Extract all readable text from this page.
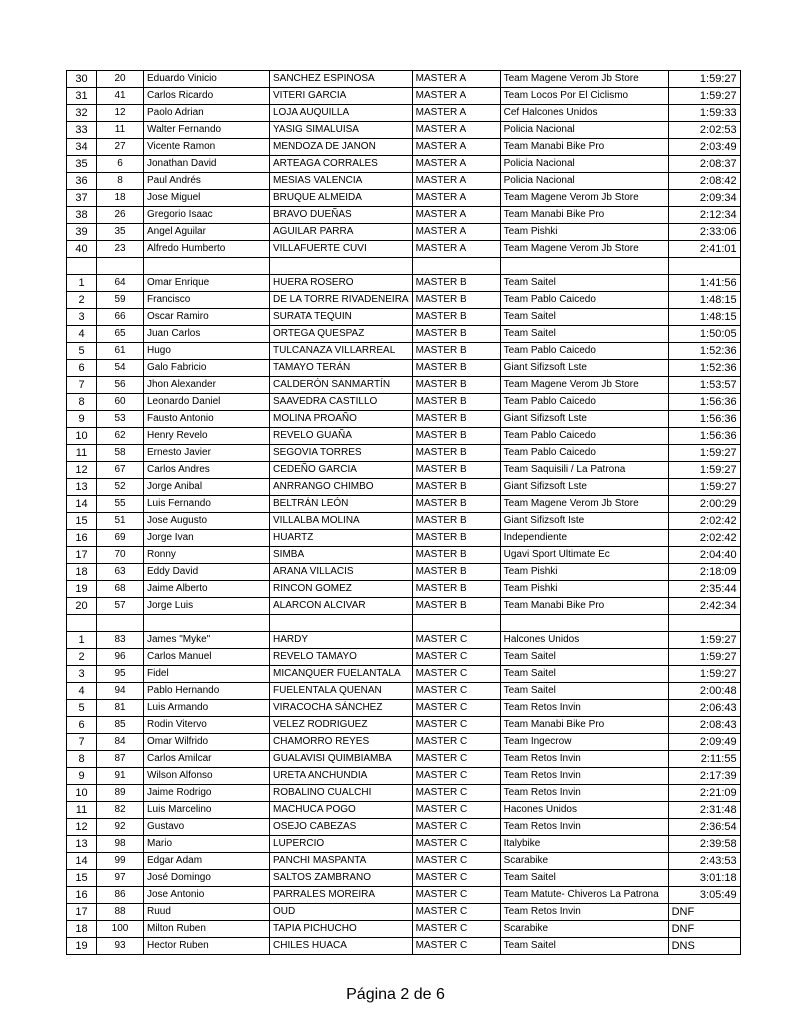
30	20	Eduardo Vinicio	SANCHEZ ESPINOSA	MASTER A	Team Magene Verom Jb Store	1:59:27
31	41	Carlos Ricardo	VITERI GARCIA	MASTER A	Team Locos Por El Ciclismo	1:59:27
32	12	Paolo Adrian	LOJA AUQUILLA	MASTER A	Cef Halcones Unidos	1:59:33
33	11	Walter Fernando	YASIG SIMALUISA	MASTER A	Policia Nacional	2:02:53
34	27	Vicente Ramon	MENDOZA DE JANON	MASTER A	Team Manabi Bike Pro	2:03:49
35	6	Jonathan David	ARTEAGA CORRALES	MASTER A	Policia Nacional	2:08:37
36	8	Paul Andrés	MESIAS VALENCIA	MASTER A	Policia Nacional	2:08:42
37	18	Jose Miguel	BRUQUE ALMEIDA	MASTER A	Team Magene Verom Jb Store	2:09:34
38	26	Gregorio Isaac	BRAVO DUEÑAS	MASTER A	Team Manabi Bike Pro	2:12:34
39	35	Angel Aguilar	AGUILAR PARRA	MASTER A	Team Pishki	2:33:06
40	23	Alfredo Humberto	VILLAFUERTE CUVI	MASTER A	Team Magene Verom Jb Store	2:41:01

1	64	Omar Enrique	HUERA ROSERO	MASTER B	Team Saitel	1:41:56
2	59	Francisco	DE LA TORRE RIVADENEIRA	MASTER B	Team Pablo Caicedo	1:48:15
3	66	Oscar Ramiro	SURATA TEQUIN	MASTER B	Team Saitel	1:48:15
4	65	Juan Carlos	ORTEGA QUESPAZ	MASTER B	Team Saitel	1:50:05
5	61	Hugo	TULCANAZA VILLARREAL	MASTER B	Team Pablo Caicedo	1:52:36
6	54	Galo Fabricio	TAMAYO TERÁN	MASTER B	Giant Sifizsoft Lste	1:52:36
7	56	Jhon Alexander	CALDERÓN SANMARTÍN	MASTER B	Team Magene Verom Jb Store	1:53:57
8	60	Leonardo Daniel	SAAVEDRA CASTILLO	MASTER B	Team Pablo Caicedo	1:56:36
9	53	Fausto Antonio	MOLINA PROAÑO	MASTER B	Giant Sifizsoft Lste	1:56:36
10	62	Henry Revelo	REVELO GUAÑA	MASTER B	Team Pablo Caicedo	1:56:36
11	58	Ernesto Javier	SEGOVIA TORRES	MASTER B	Team Pablo Caicedo	1:59:27
12	67	Carlos Andres	CEDEÑO GARCIA	MASTER B	Team Saquisili / La Patrona	1:59:27
13	52	Jorge Anibal	ANRRANGO CHIMBO	MASTER B	Giant Sifizsoft Lste	1:59:27
14	55	Luis Fernando	BELTRÁN LEÓN	MASTER B	Team Magene Verom Jb Store	2:00:29
15	51	Jose Augusto	VILLALBA MOLINA	MASTER B	Giant Sifizsoft Iste	2:02:42
16	69	Jorge Ivan	HUARTZ	MASTER B	Independiente	2:02:42
17	70	Ronny	SIMBA	MASTER B	Ugavi Sport Ultimate Ec	2:04:40
18	63	Eddy David	ARANA VILLACIS	MASTER B	Team Pishki	2:18:09
19	68	Jaime Alberto	RINCON GOMEZ	MASTER B	Team Pishki	2:35:44
20	57	Jorge Luis	ALARCON ALCIVAR	MASTER B	Team Manabi Bike Pro	2:42:34

1	83	James "Myke"	HARDY	MASTER C	Halcones Unidos	1:59:27
2	96	Carlos Manuel	REVELO TAMAYO	MASTER C	Team Saitel	1:59:27
3	95	Fidel	MICANQUER FUELANTALA	MASTER C	Team Saitel	1:59:27
4	94	Pablo Hernando	FUELENTALA QUENAN	MASTER C	Team Saitel	2:00:48
5	81	Luis Armando	VIRACOCHA SÁNCHEZ	MASTER C	Team Retos Invin	2:06:43
6	85	Rodin Vitervo	VELEZ RODRIGUEZ	MASTER C	Team Manabi Bike Pro	2:08:43
7	84	Omar Wilfrido	CHAMORRO REYES	MASTER C	Team Ingecrow	2:09:49
8	87	Carlos Amilcar	GUALAVISI QUIMBIAMBA	MASTER C	Team Retos Invin	2:11:55
9	91	Wilson Alfonso	URETA ANCHUNDIA	MASTER C	Team Retos Invin	2:17:39
10	89	Jaime Rodrigo	ROBALINO CUALCHI	MASTER C	Team Retos Invin	2:21:09
11	82	Luis Marcelino	MACHUCA POGO	MASTER C	Hacones Unidos	2:31:48
12	92	Gustavo	OSEJO CABEZAS	MASTER C	Team Retos Invin	2:36:54
13	98	Mario	LUPERCIO	MASTER C	Italybike	2:39:58
14	99	Edgar Adam	PANCHI MASPANTA	MASTER C	Scarabike	2:43:53
15	97	José Domingo	SALTOS ZAMBRANO	MASTER C	Team Saitel	3:01:18
16	86	Jose Antonio	PARRALES MOREIRA	MASTER C	Team Matute- Chiveros La Patrona	3:05:49
17	88	Ruud	OUD	MASTER C	Team Retos Invin	DNF
18	100	Milton Ruben	TAPIA PICHUCHO	MASTER C	Scarabike	DNF
19	93	Hector Ruben	CHILES HUACA	MASTER C	Team Saitel	DNS
Página 2 de 6
